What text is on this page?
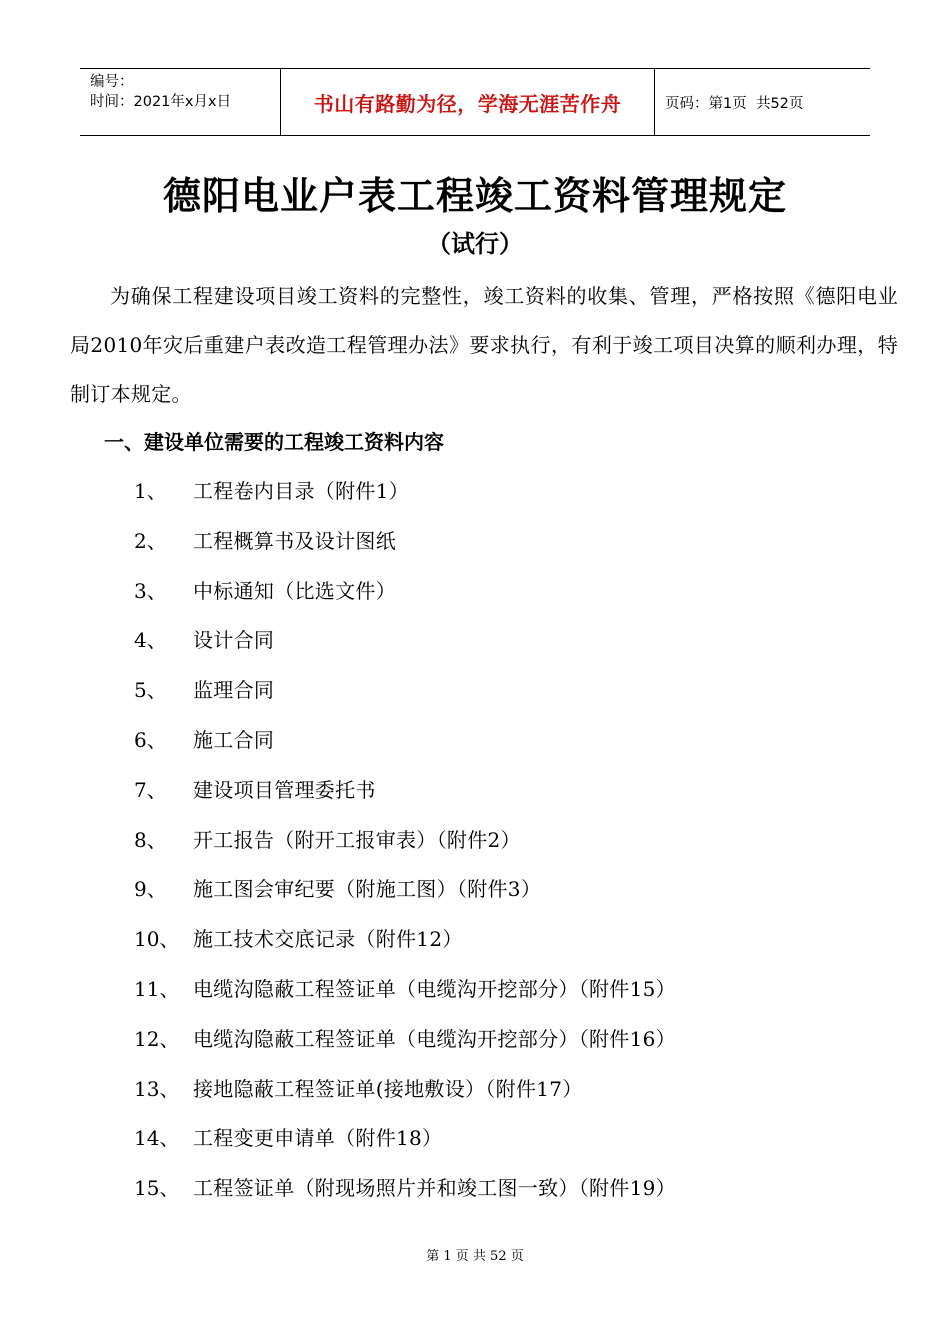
编号：
时间：2021年x月x日	书山有路勤为径，学海无涯苦作舟	页码：第1页  共52页
德阳电业户表工程竣工资料管理规定
（试行）
为确保工程建设项目竣工资料的完整性，竣工资料的收集、管理，严格按照《德阳电业局2010年灾后重建户表改造工程管理办法》要求执行，有利于竣工项目决算的顺利办理，特制订本规定。
一、建设单位需要的工程竣工资料内容
1、	工程卷内目录（附件1）
2、	工程概算书及设计图纸
3、	中标通知（比选文件）
4、	设计合同
5、	监理合同
6、	施工合同
7、	建设项目管理委托书
8、	开工报告（附开工报审表）（附件2）
9、	施工图会审纪要（附施工图）（附件3）
10、 施工技术交底记录（附件12）
11、 电缆沟隐蔽工程签证单（电缆沟开挖部分）（附件15）
12、 电缆沟隐蔽工程签证单（电缆沟开挖部分）（附件16）
13、 接地隐蔽工程签证单(接地敷设）（附件17）
14、 工程变更申请单（附件18）
15、 工程签证单（附现场照片并和竣工图一致）（附件19）
第 1 页 共 52 页
